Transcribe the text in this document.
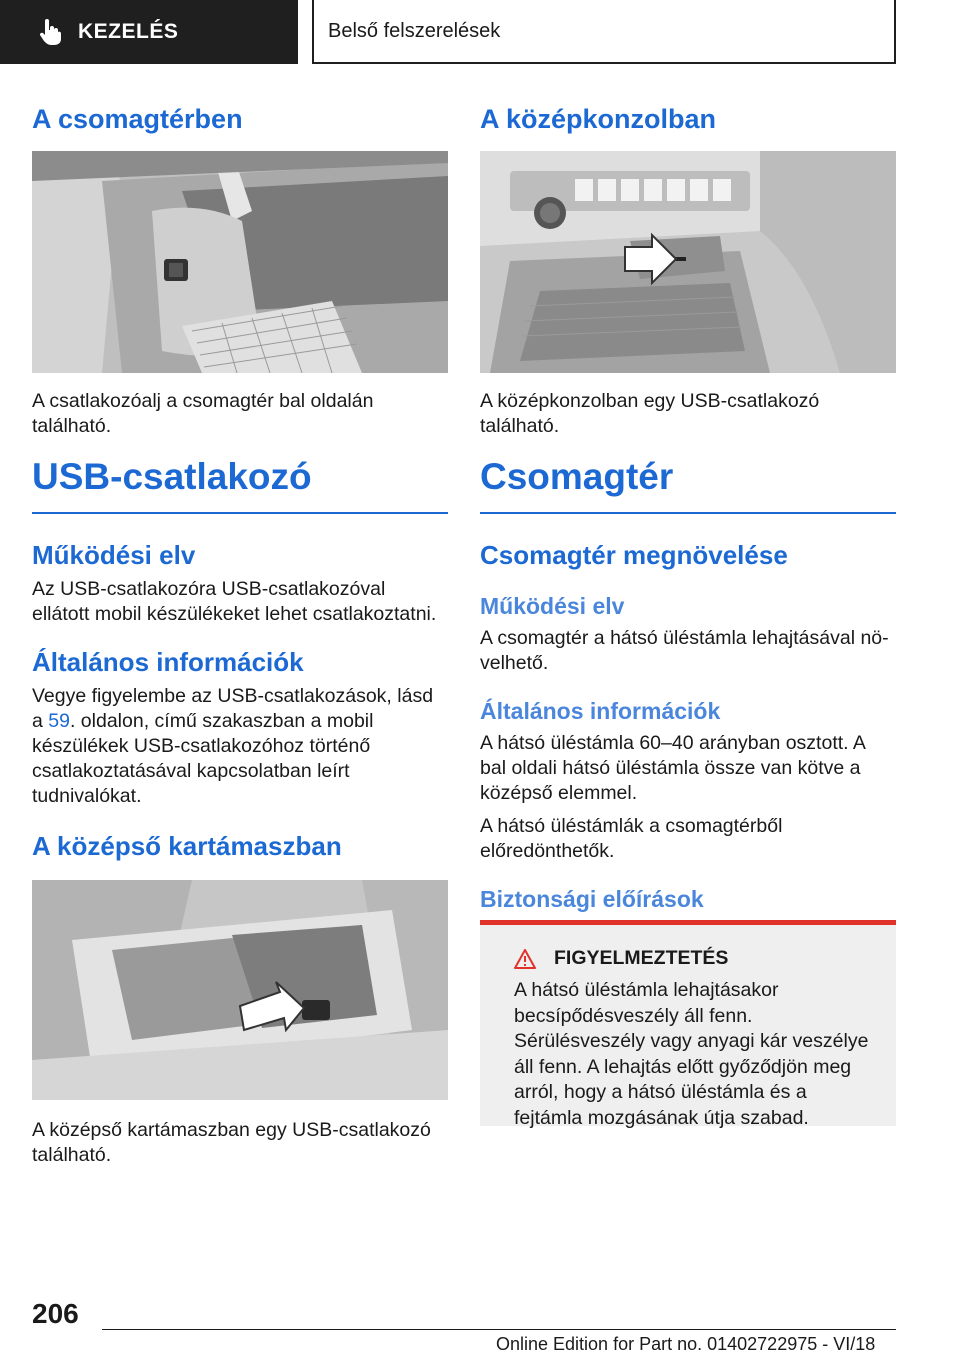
KEZELÉS	Belső felszerelések
A csomagtérben
A csatlakozóalj a csomagtér bal oldalán található.
USB-csatlakozó
Működési elv

Az USB-csatlakozóra USB-csatlakozóval ellátott mobil készülékeket lehet csatlakoztatni.

Általános információk

Vegye figyelembe az USB-csatlakozások, lásd a 59. oldalon, című szakaszban a mobil készülékek USB-csatlakozóhoz történő csatlakoztatásával kapcsolatban leírt tudnivalókat.

A középső kartámaszban
A középső kartámaszban egy USB-csatlakozó található.
A középkonzolban
A középkonzolban egy USB-csatlakozó található.
Csomagtér
Csomagtér megnövelése
Működési elv

A csomagtér a hátsó üléstámla lehajtásával növelhető.

Általános információk

A hátsó üléstámla 60–40 arányban osztott. A bal oldali hátsó üléstámla össze van kötve a középső elemmel.

A hátsó üléstámlák a csomagtérből előredönthetők.

Biztonsági előírások
FIGYELMEZTETÉS

A hátsó üléstámla lehajtásakor becsípődésveszély áll fenn. Sérülésveszély vagy anyagi kár veszélye áll fenn. A lehajtás előtt győződjön meg arról, hogy a hátsó üléstámla és a fejtámla mozgásának útja szabad.

206
Online Edition for Part no. 01402722975 - VI/18
